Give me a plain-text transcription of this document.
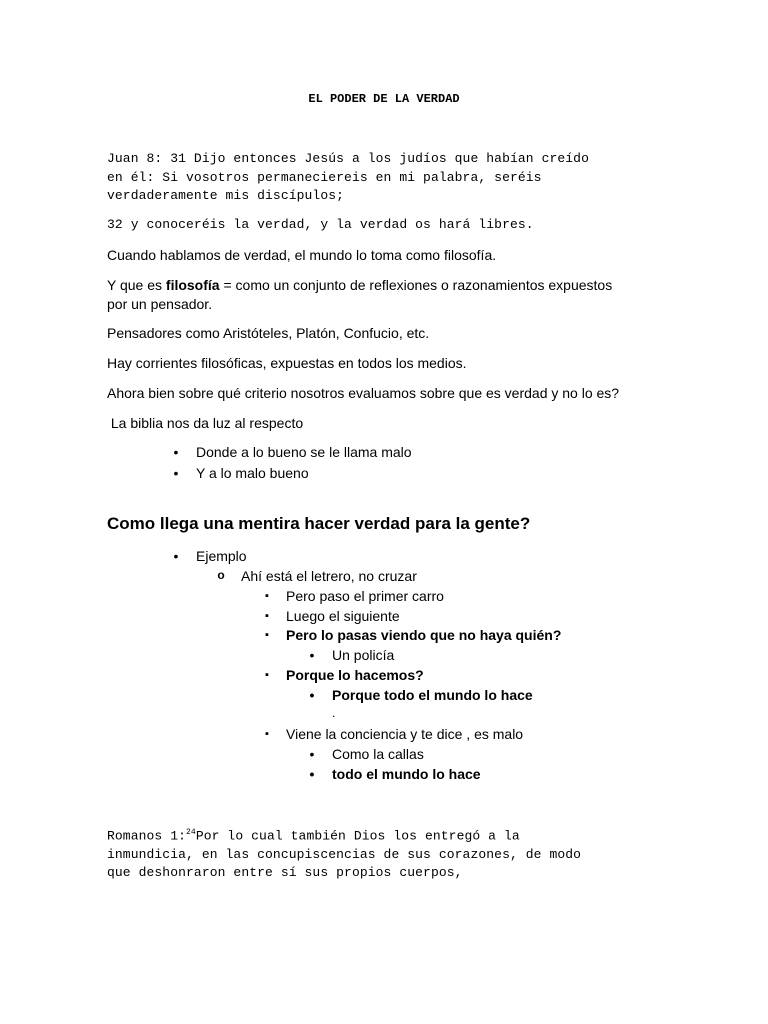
EL PODER DE LA VERDAD
Juan 8: 31 Dijo entonces Jesús a los judíos que habían creído
en él: Si vosotros permaneciereis en mi palabra, seréis
verdaderamente mis discípulos;
32 y conoceréis la verdad, y la verdad os hará libres.
Cuando hablamos de verdad, el mundo lo toma como filosofía.
Y que es filosofía = como un conjunto de reflexiones o razonamientos expuestos
por un pensador.
Pensadores como Aristóteles, Platón, Confucio, etc.
Hay corrientes filosóficas, expuestas en todos los medios.
Ahora bien sobre qué criterio nosotros evaluamos sobre que es verdad y no lo es?
La biblia nos da luz al respecto
•	Donde a lo bueno se le llama malo
•	Y a lo malo bueno
Como llega una mentira hacer verdad para la gente?
•	Ejemplo
o	Ahí está el letrero, no cruzar
▪	Pero paso el primer carro
▪	Luego el siguiente
▪	Pero lo pasas viendo que no haya quién?
•	Un policía
▪	Porque lo hacemos?
•	Porque todo el mundo lo hace
.
▪	Viene la conciencia y te dice , es malo
•	Como la callas
•	todo el mundo lo hace
Romanos 1:$^{24}$Por lo cual también Dios los entregó a la
inmundicia, en las concupiscencias de sus corazones, de modo
que deshonraron entre sí sus propios cuerpos,
